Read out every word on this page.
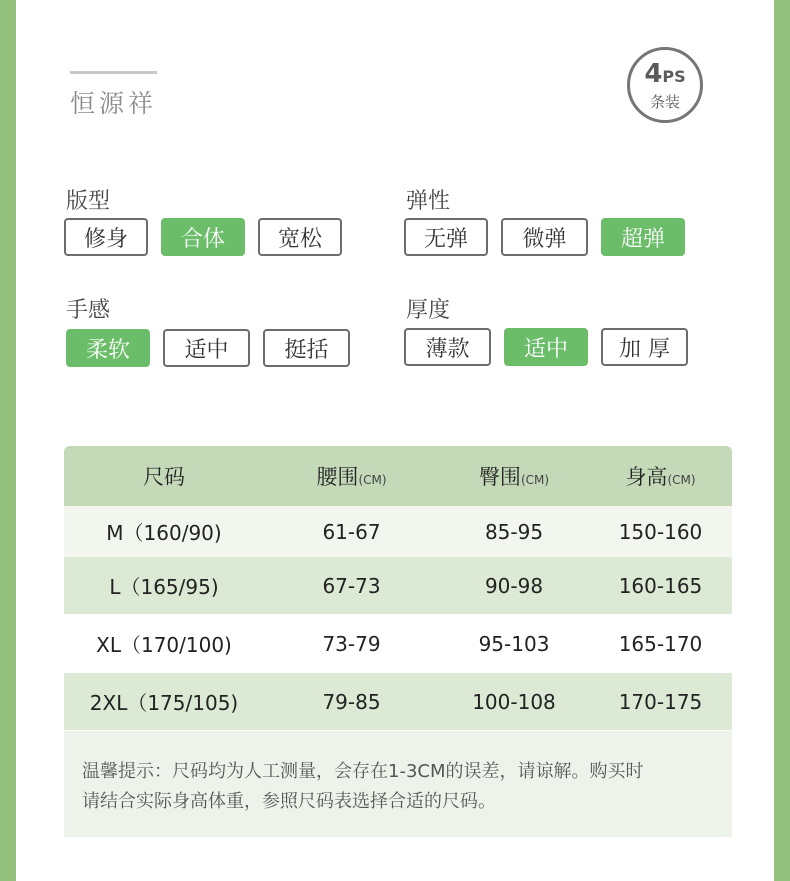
恒源祥
4PS
条装
版型
修身	合体	宽松
弹性
无弹	微弹	超弹
手感
柔软	适中	挺括
厚度
薄款	适中	加 厚
尺码	腰围(CM)	臀围(CM)	身高(CM)
M（160/90)	61-67	85-95	150-160
L（165/95)	67-73	90-98	160-165
XL（170/100)	73-79	95-103	165-170
2XL（175/105)	79-85	100-108	170-175
温馨提示：尺码均为人工测量，会存在1-3CM的误差，请谅解。购买时
请结合实际身高体重，参照尺码表选择合适的尺码。
